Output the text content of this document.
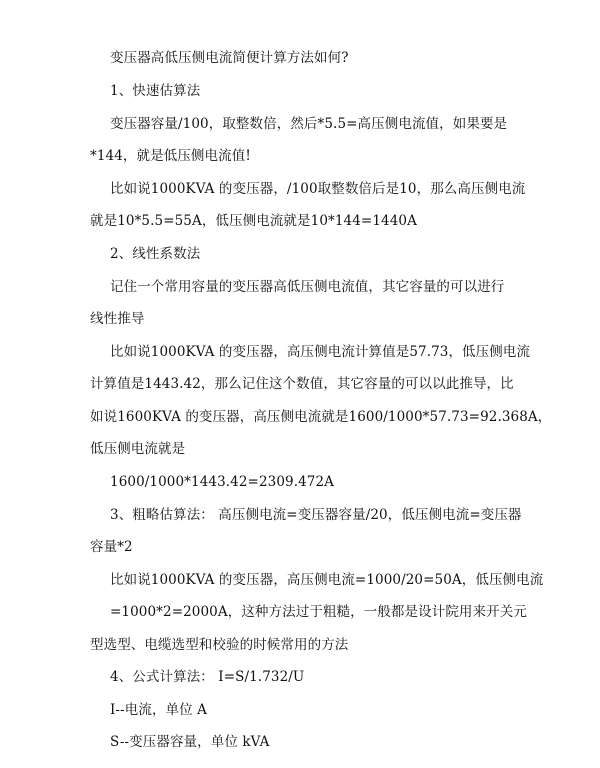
变压器高低压侧电流简便计算方法如何?
1、快速估算法
变压器容量/100，取整数倍，然后*5.5=高压侧电流值，如果要是
*144，就是低压侧电流值!
比如说1000KVA 的变压器，/100取整数倍后是10，那么高压侧电流
就是10*5.5=55A，低压侧电流就是10*144=1440A
2、线性系数法
记住一个常用容量的变压器高低压侧电流值，其它容量的可以进行
线性推导
比如说1000KVA 的变压器，高压侧电流计算值是57.73，低压侧电流
计算值是1443.42，那么记住这个数值，其它容量的可以以此推导，比
如说1600KVA 的变压器，高压侧电流就是1600/1000*57.73=92.368A，
低压侧电流就是
1600/1000*1443.42=2309.472A
3、粗略估算法： 高压侧电流=变压器容量/20，低压侧电流=变压器
容量*2
比如说1000KVA 的变压器，高压侧电流=1000/20=50A，低压侧电流
=1000*2=2000A，这种方法过于粗糙，一般都是设计院用来开关元
型选型、电缆选型和校验的时候常用的方法
4、公式计算法： I=S/1.732/U
I--电流，单位 A
S--变压器容量，单位 kVA
